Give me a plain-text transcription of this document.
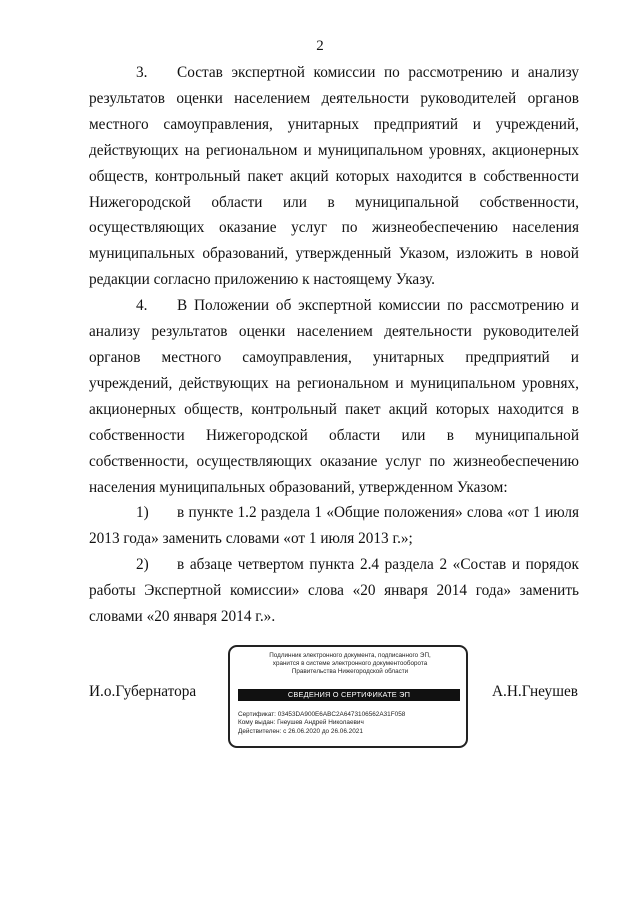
2

3. Состав экспертной комиссии по рассмотрению и анализу результатов оценки населением деятельности руководителей органов местного самоуправления, унитарных предприятий и учреждений, действующих на региональном и муниципальном уровнях, акционерных обществ, контрольный пакет акций которых находится в собственности Нижегородской области или в муниципальной собственности, осуществляющих оказание услуг по жизнеобеспечению населения муниципальных образований, утвержденный Указом, изложить в новой редакции согласно приложению к настоящему Указу.

4. В Положении об экспертной комиссии по рассмотрению и анализу результатов оценки населением деятельности руководителей органов местного самоуправления, унитарных предприятий и учреждений, действующих на региональном и муниципальном уровнях, акционерных обществ, контрольный пакет акций которых находится в собственности Нижегородской области или в муниципальной собственности, осуществляющих оказание услуг по жизнеобеспечению населения муниципальных образований, утвержденном Указом:

1) в пункте 1.2 раздела 1 «Общие положения» слова «от 1 июля 2013 года» заменить словами «от 1 июля 2013 г.»;

2) в абзаце четвертом пункта 2.4 раздела 2 «Состав и порядок работы Экспертной комиссии» слова «20 января 2014 года» заменить словами «20 января 2014 г.».

И.о.Губернатора	А.Н.Гнеушев
Подлинник электронного документа, подписанного ЭП,
хранится в системе электронного документооборота
Правительства Нижегородской области
СВЕДЕНИЯ О СЕРТИФИКАТЕ ЭП
Сертификат: 03453DA900E6ABC2A6473106562A31F058
Кому выдан: Гнеушев Андрей Николаевич
Действителен: с 26.06.2020 до 26.06.2021
